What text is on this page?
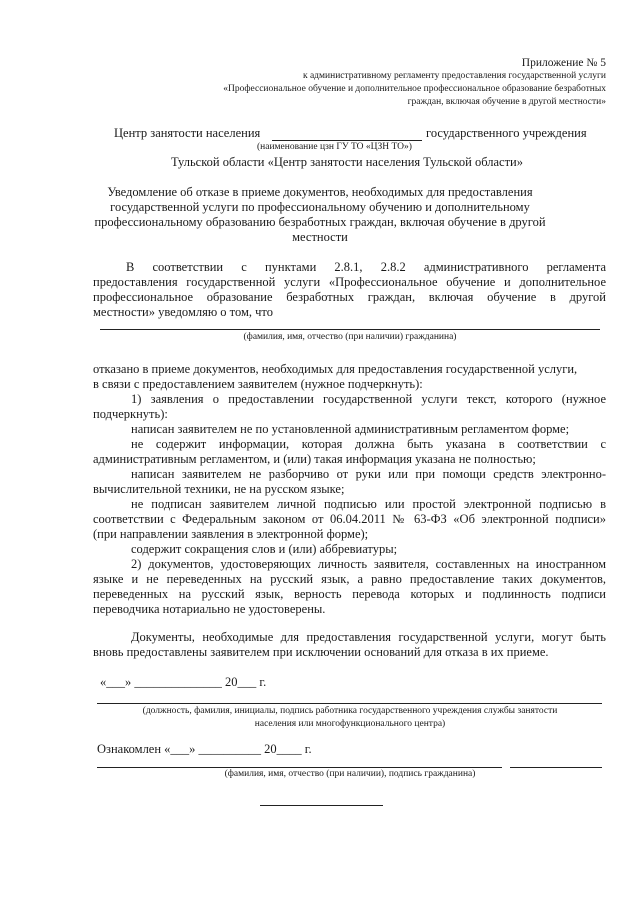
Приложение № 5
к административному регламенту предоставления государственной услуги
«Профессиональное обучение и дополнительное профессиональное образование безработных
граждан, включая обучение в другой местности»
Центр занятости населения	государственного учреждения
(наименование цзн ГУ ТО «ЦЗН ТО»)
Тульской области «Центр занятости населения Тульской области»
Уведомление об отказе в приеме документов, необходимых для предоставления
государственной услуги по профессиональному обучению и дополнительному
профессиональному образованию безработных граждан, включая обучение в другой
местности
В соответствии с пунктами 2.8.1, 2.8.2 административного регламента
предоставления государственной услуги «Профессиональное обучение и дополнительное
профессиональное образование безработных граждан, включая обучение в другой
местности» уведомляю о том, что
(фамилия, имя, отчество (при наличии) гражданина)
отказано в приеме документов, необходимых для предоставления государственной услуги,
в связи с предоставлением заявителем (нужное подчеркнуть):
1) заявления о предоставлении государственной услуги текст, которого (нужное
подчеркнуть):
написан заявителем не по установленной административным регламентом форме;
не содержит информации, которая должна быть указана в соответствии с
административным регламентом, и (или) такая информация указана не полностью;
написан заявителем не разборчиво от руки или при помощи средств электронно-
вычислительной техники, не на русском языке;
не подписан заявителем личной подписью или простой электронной подписью в
соответствии с Федеральным законом от 06.04.2011 № 63-ФЗ «Об электронной подписи»
(при направлении заявления в электронной форме);
содержит сокращения слов и (или) аббревиатуры;
2) документов, удостоверяющих личность заявителя, составленных на иностранном
языке и не переведенных на русский язык, а равно предоставление таких документов,
переведенных на русский язык, верность перевода которых и подлинность подписи
переводчика нотариально не удостоверены.
Документы, необходимые для предоставления государственной услуги, могут быть
вновь предоставлены заявителем при исключении оснований для отказа в их приеме.
«___» ______________ 20___ г.
(должность, фамилия, инициалы, подпись работника государственного учреждения службы занятости
населения или многофункционального центра)
Ознакомлен «___» __________ 20____ г.
(фамилия, имя, отчество (при наличии), подпись гражданина)
